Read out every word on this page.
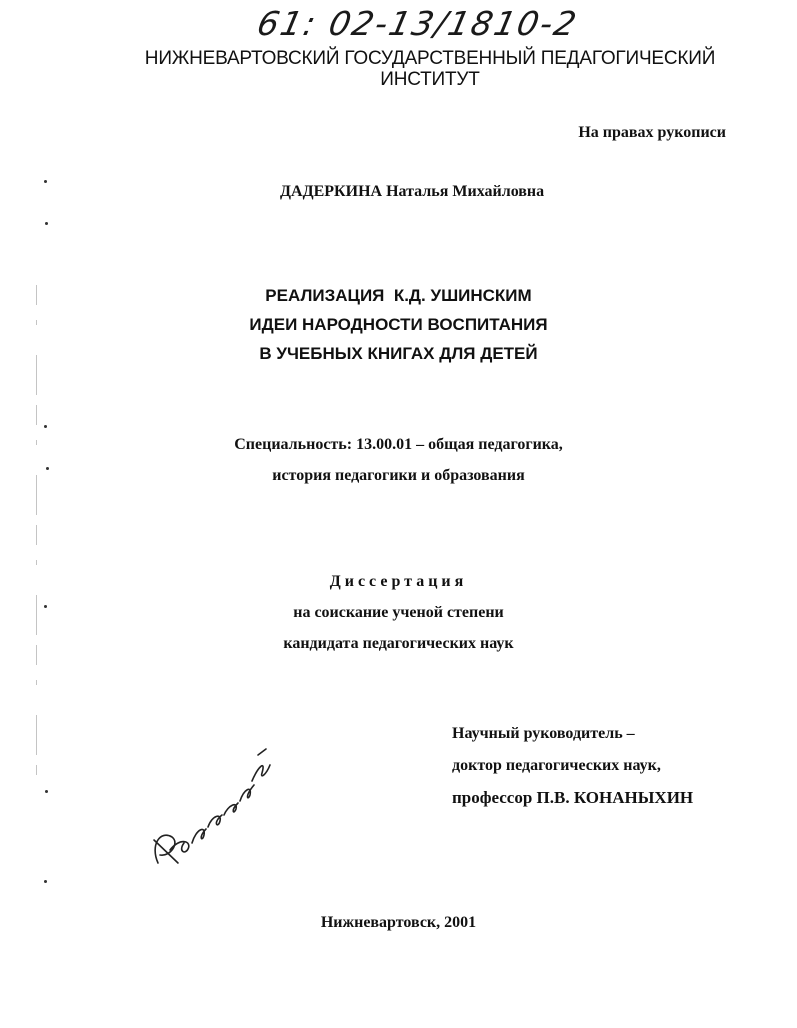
61: 02-13/1810-2
НИЖНЕВАРТОВСКИЙ ГОСУДАРСТВЕННЫЙ ПЕДАГОГИЧЕСКИЙ
ИНСТИТУТ
На правах рукописи
ДАДЕРКИНА Наталья Михайловна
РЕАЛИЗАЦИЯ  К.Д. УШИНСКИМ
ИДЕИ НАРОДНОСТИ ВОСПИТАНИЯ
В УЧЕБНЫХ КНИГАХ ДЛЯ ДЕТЕЙ
Специальность: 13.00.01 – общая педагогика,
история педагогики и образования
Диссертация
на соискание ученой степени
кандидата педагогических наук
Научный руководитель –
доктор педагогических наук,
профессор П.В. КОНАНЫХИН
Нижневартовск, 2001
